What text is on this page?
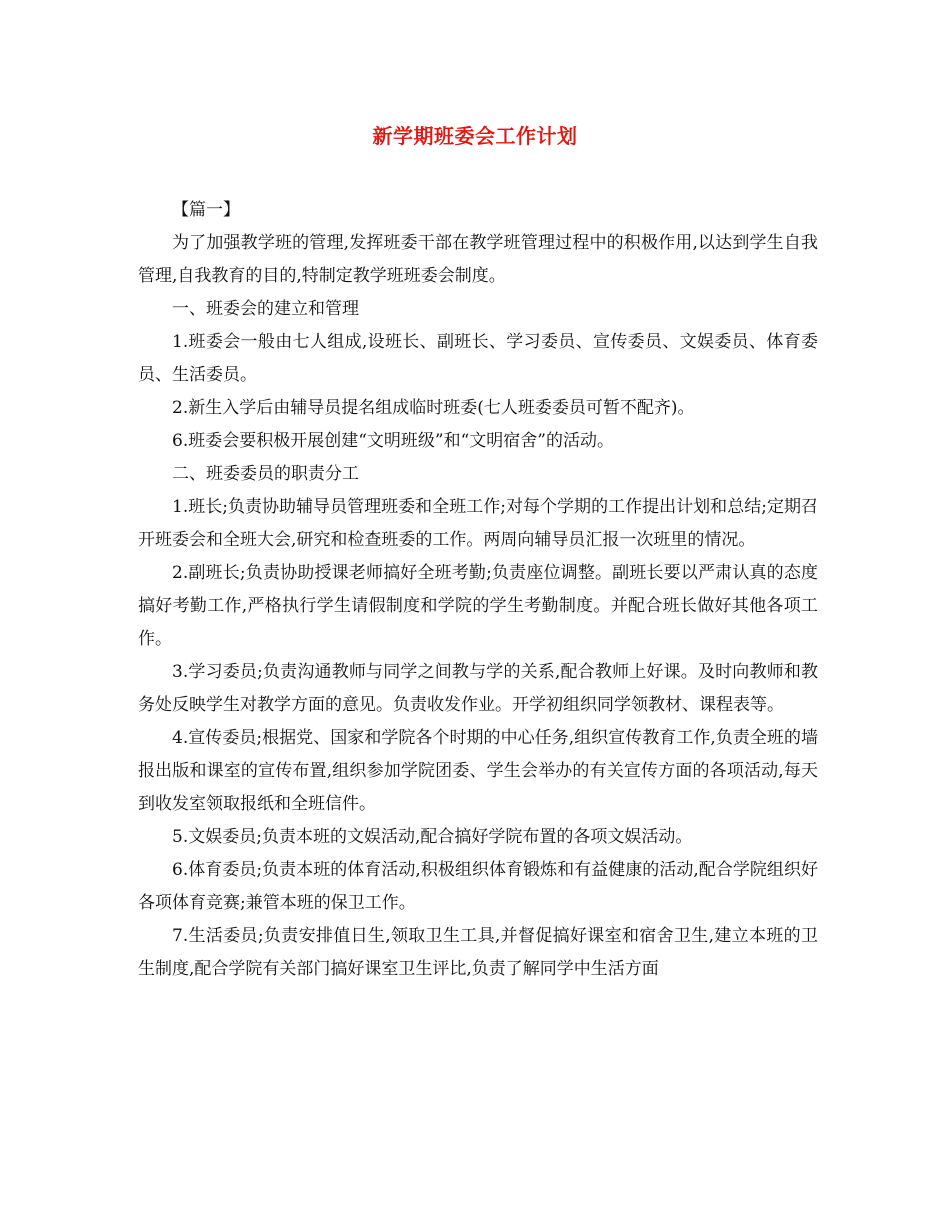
新学期班委会工作计划

【篇一】

为了加强教学班的管理,发挥班委干部在教学班管理过程中的积极作用,以达到学生自我管理,自我教育的目的,特制定教学班班委会制度。

一、班委会的建立和管理

1.班委会一般由七人组成,设班长、副班长、学习委员、宣传委员、文娱委员、体育委员、生活委员。

2.新生入学后由辅导员提名组成临时班委(七人班委委员可暂不配齐)。

6.班委会要积极开展创建“文明班级”和“文明宿舍”的活动。

二、班委委员的职责分工

1.班长;负责协助辅导员管理班委和全班工作;对每个学期的工作提出计划和总结;定期召开班委会和全班大会,研究和检查班委的工作。两周向辅导员汇报一次班里的情况。

2.副班长;负责协助授课老师搞好全班考勤;负责座位调整。副班长要以严肃认真的态度搞好考勤工作,严格执行学生请假制度和学院的学生考勤制度。并配合班长做好其他各项工作。

3.学习委员;负责沟通教师与同学之间教与学的关系,配合教师上好课。及时向教师和教务处反映学生对教学方面的意见。负责收发作业。开学初组织同学领教材、课程表等。

4.宣传委员;根据党、国家和学院各个时期的中心任务,组织宣传教育工作,负责全班的墙报出版和课室的宣传布置,组织参加学院团委、学生会举办的有关宣传方面的各项活动,每天到收发室领取报纸和全班信件。

5.文娱委员;负责本班的文娱活动,配合搞好学院布置的各项文娱活动。

6.体育委员;负责本班的体育活动,积极组织体育锻炼和有益健康的活动,配合学院组织好各项体育竞赛;兼管本班的保卫工作。

7.生活委员;负责安排值日生,领取卫生工具,并督促搞好课室和宿舍卫生,建立本班的卫生制度,配合学院有关部门搞好课室卫生评比,负责了解同学中生活方面
